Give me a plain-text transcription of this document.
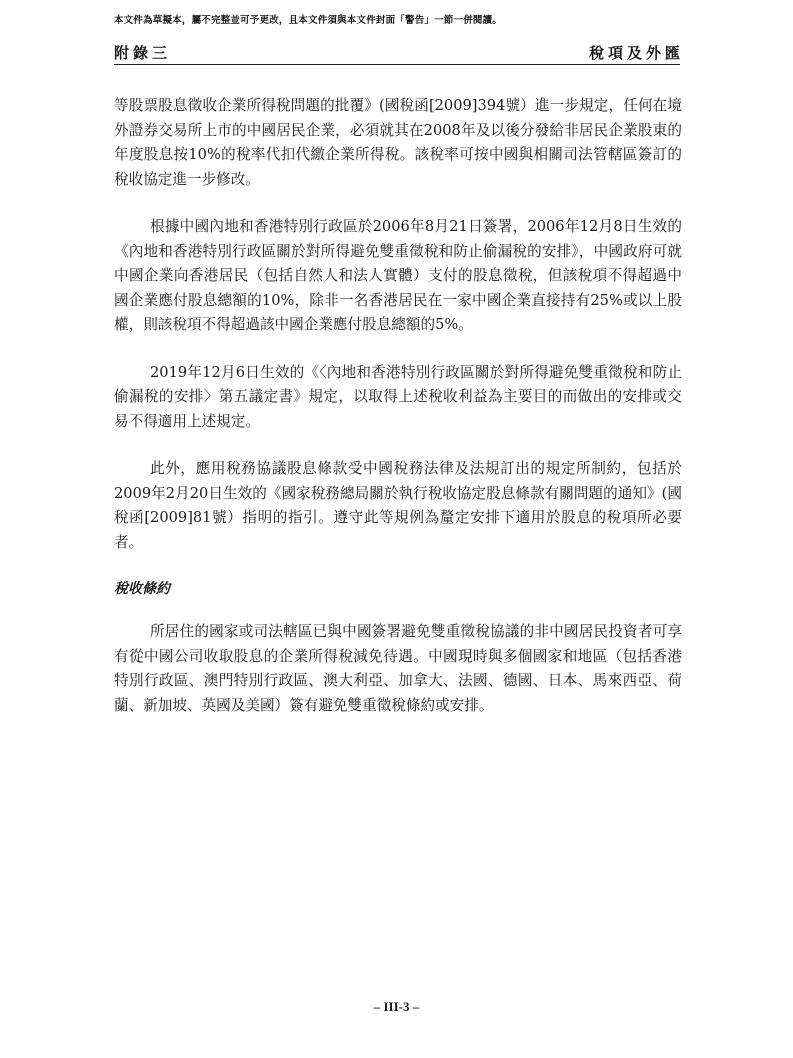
本文件為草擬本，屬不完整並可予更改，且本文件須與本文件封面「警告」一節一併閱讀。
附錄三	稅項及外匯

等股票股息徵收企業所得稅問題的批覆》(國稅函[2009]394號）進一步規定，任何在境外證券交易所上市的中國居民企業，必須就其在2008年及以後分發給非居民企業股東的年度股息按10%的稅率代扣代繳企業所得稅。該稅率可按中國與相關司法管轄區簽訂的稅收協定進一步修改。

根據中國內地和香港特別行政區於2006年8月21日簽署，2006年12月8日生效的《內地和香港特別行政區關於對所得避免雙重徵稅和防止偷漏稅的安排》，中國政府可就中國企業向香港居民（包括自然人和法人實體）支付的股息徵稅，但該稅項不得超過中國企業應付股息總額的10%，除非一名香港居民在一家中國企業直接持有25%或以上股權，則該稅項不得超過該中國企業應付股息總額的5%。

2019年12月6日生效的《〈內地和香港特別行政區關於對所得避免雙重徵稅和防止偷漏稅的安排〉第五議定書》規定，以取得上述稅收利益為主要目的而做出的安排或交易不得適用上述規定。

此外，應用稅務協議股息條款受中國稅務法律及法規訂出的規定所制約，包括於2009年2月20日生效的《國家稅務總局關於執行稅收協定股息條款有關問題的通知》(國稅函[2009]81號）指明的指引。遵守此等規例為釐定安排下適用於股息的稅項所必要者。

稅收條約

所居住的國家或司法轄區已與中國簽署避免雙重徵稅協議的非中國居民投資者可享有從中國公司收取股息的企業所得稅減免待遇。中國現時與多個國家和地區（包括香港特別行政區、澳門特別行政區、澳大利亞、加拿大、法國、德國、日本、馬來西亞、荷蘭、新加坡、英國及美國）簽有避免雙重徵稅條約或安排。

– III-3 –
